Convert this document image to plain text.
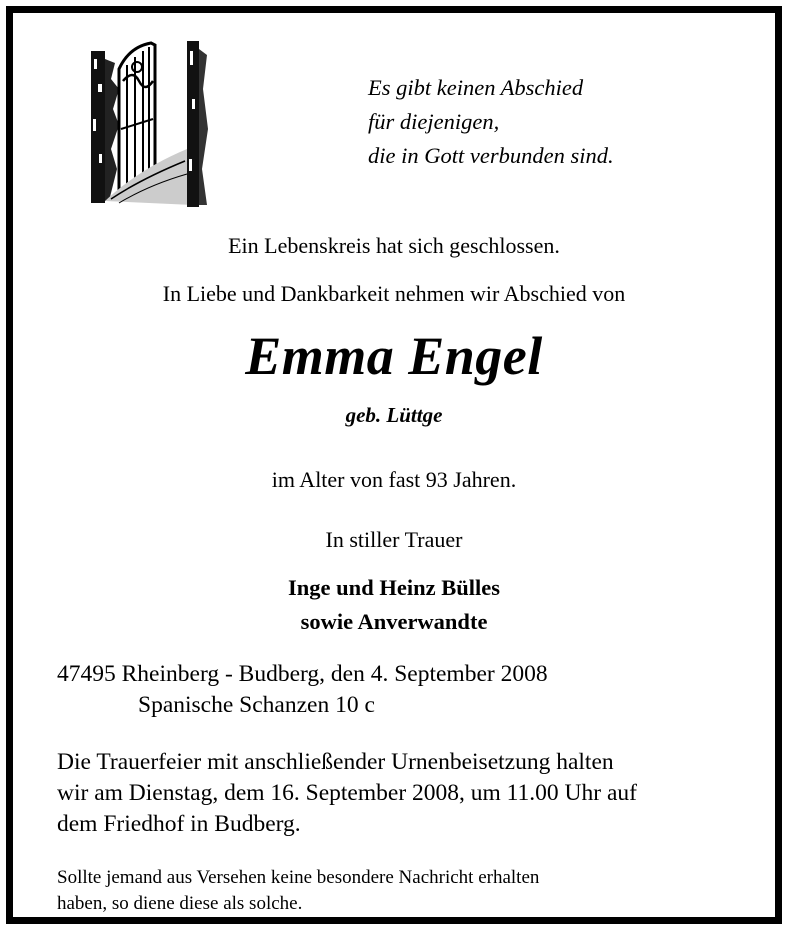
Es gibt keinen Abschied
für diejenigen,
die in Gott verbunden sind.
Ein Lebenskreis hat sich geschlossen.
In Liebe und Dankbarkeit nehmen wir Abschied von
Emma Engel
geb. Lüttge
im Alter von fast 93 Jahren.
In stiller Trauer
Inge und Heinz Bülles
sowie Anverwandte
47495 Rheinberg - Budberg, den 4. September 2008
Spanische Schanzen 10 c
Die Trauerfeier mit anschließender Urnenbeisetzung halten
wir am Dienstag, dem 16. September 2008, um 11.00 Uhr auf
dem Friedhof in Budberg.
Sollte jemand aus Versehen keine besondere Nachricht erhalten
haben, so diene diese als solche.
